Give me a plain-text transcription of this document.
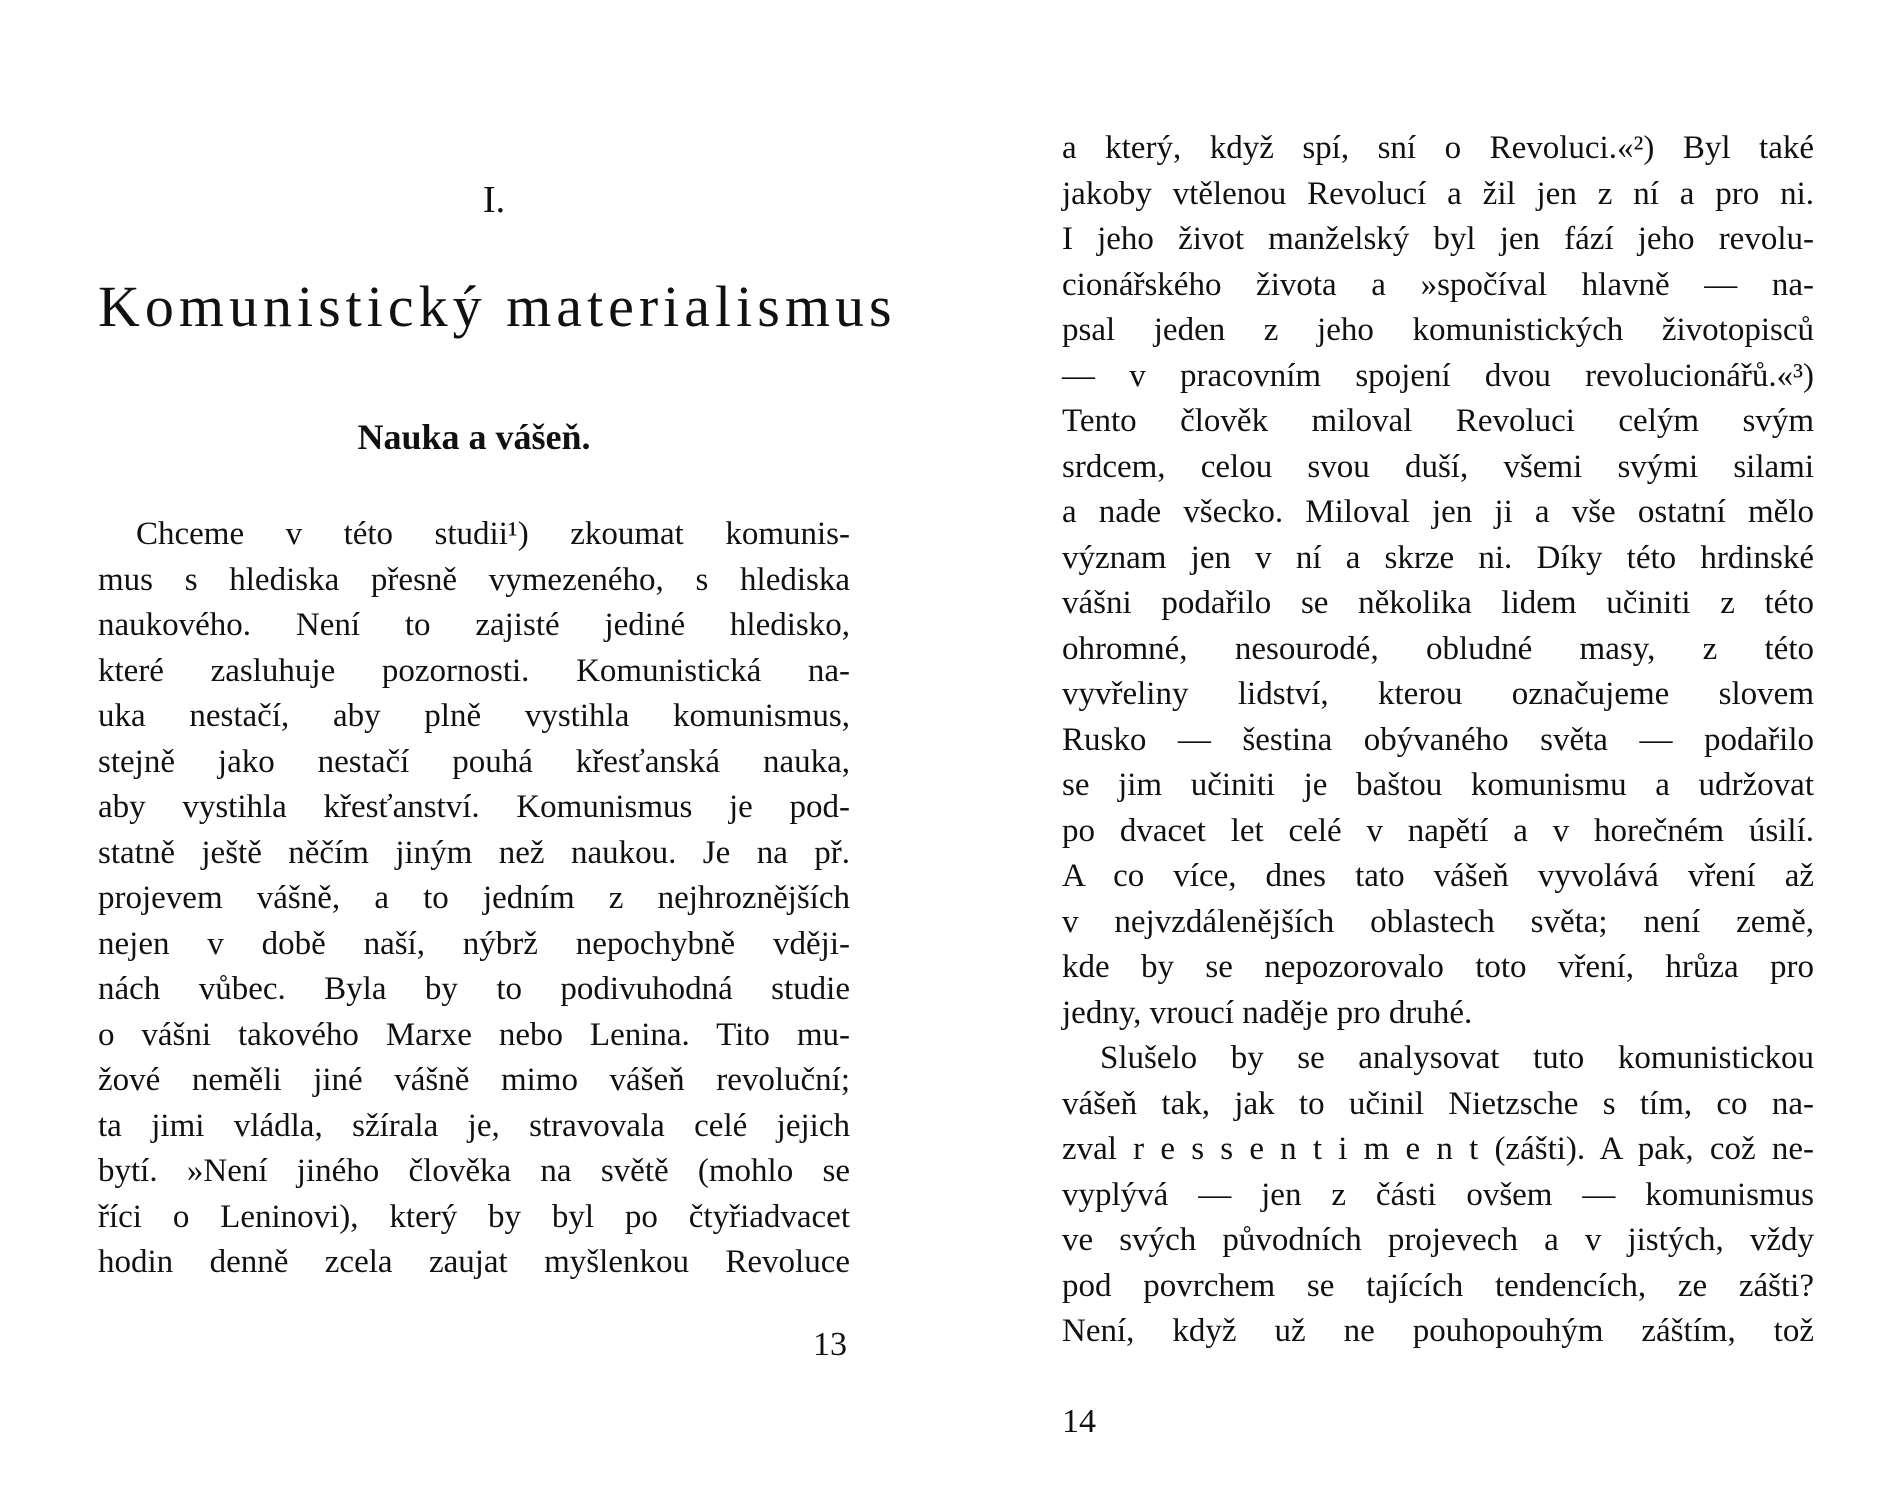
I.
Komunistický materialismus
Nauka a vášeň.
Chceme v této studii¹) zkoumat komunis-
mus s hlediska přesně vymezeného, s hlediska
naukového. Není to zajisté jediné hledisko,
které zasluhuje pozornosti. Komunistická na-
uka nestačí, aby plně vystihla komunismus,
stejně jako nestačí pouhá křesťanská nauka,
aby vystihla křesťanství. Komunismus je pod-
statně ještě něčím jiným než naukou. Je na př.
projevem vášně, a to jedním z nejhroznějších
nejen v době naší, nýbrž nepochybně vději-
nách vůbec. Byla by to podivuhodná studie
o vášni takového Marxe nebo Lenina. Tito mu-
žové neměli jiné vášně mimo vášeň revoluční;
ta jimi vládla, sžírala je, stravovala celé jejich
bytí. »Není jiného člověka na světě (mohlo se
říci o Leninovi), který by byl po čtyřiadvacet
hodin denně zcela zaujat myšlenkou Revoluce
13
a který, když spí, sní o Revoluci.«²) Byl také
jakoby vtělenou Revolucí a žil jen z ní a pro ni.
I jeho život manželský byl jen fází jeho revolu-
cionářského života a »spočíval hlavně — na-
psal jeden z jeho komunistických životopisců
— v pracovním spojení dvou revolucionářů.«³)
Tento člověk miloval Revoluci celým svým
srdcem, celou svou duší, všemi svými silami
a nade všecko. Miloval jen ji a vše ostatní mělo
význam jen v ní a skrze ni. Díky této hrdinské
vášni podařilo se několika lidem učiniti z této
ohromné, nesourodé, obludné masy, z této
vyvřeliny lidství, kterou označujeme slovem
Rusko — šestina obývaného světa — podařilo
se jim učiniti je baštou komunismu a udržovat
po dvacet let celé v napětí a v horečném úsilí.
A co více, dnes tato vášeň vyvolává vření až
v nejvzdálenějších oblastech světa; není země,
kde by se nepozorovalo toto vření, hrůza pro
jedny, vroucí naděje pro druhé.
Slušelo by se analysovat tuto komunistickou
vášeň tak, jak to učinil Nietzsche s tím, co na-
zval r e s s e n t i m e n t (zášti). A pak, což ne-
vyplývá — jen z části ovšem — komunismus
ve svých původních projevech a v jistých, vždy
pod povrchem se tajících tendencích, ze zášti?
Není, když už ne pouhopouhým záštím, tož
14
